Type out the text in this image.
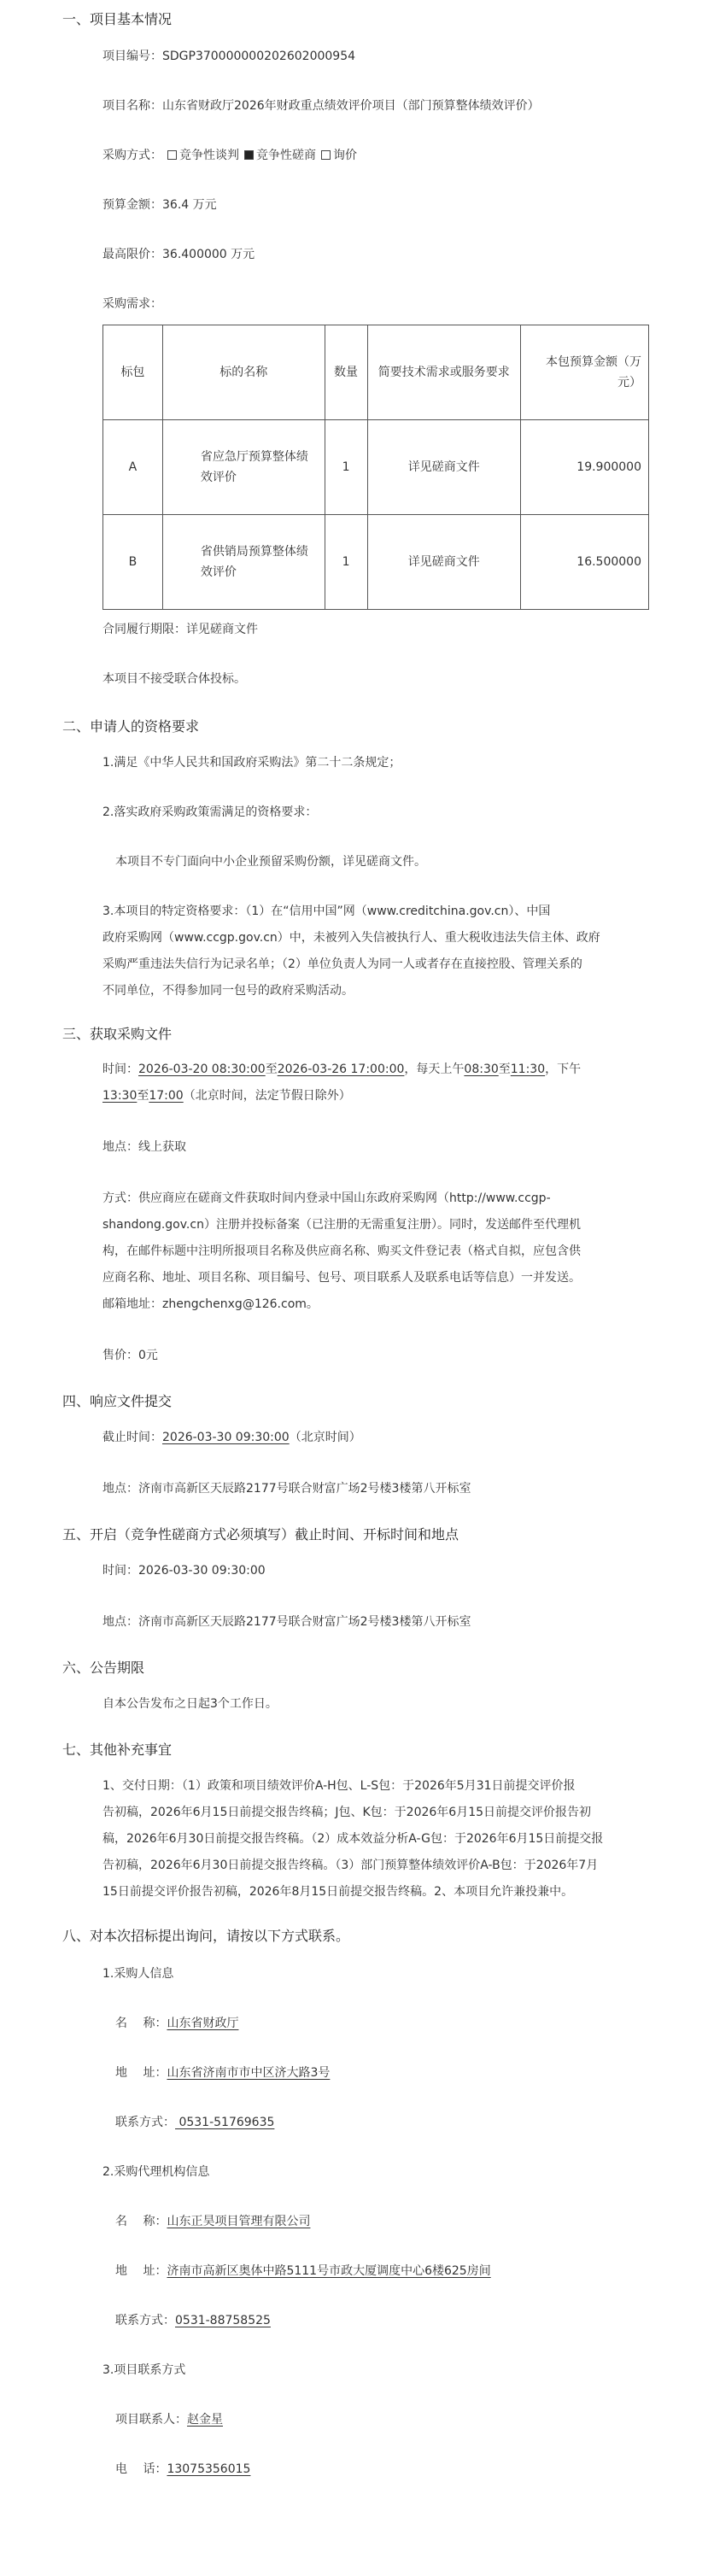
一、项目基本情况
项目编号：SDGP370000000202602000954
项目名称：山东省财政厅2026年财政重点绩效评价项目（部门预算整体绩效评价）
采购方式： 竞争性谈判 竞争性磋商 询价
预算金额：36.4 万元
最高限价：36.400000 万元
采购需求：
标包	标的名称	数量	简要技术需求或服务要求	本包预算金额（万元）
A	省应急厅预算整体绩效评价	1	详见磋商文件	19.900000
B	省供销局预算整体绩效评价	1	详见磋商文件	16.500000
合同履行期限：详见磋商文件
本项目不接受联合体投标。
二、申请人的资格要求
1.满足《中华人民共和国政府采购法》第二十二条规定；
2.落实政府采购政策需满足的资格要求：
本项目不专门面向中小企业预留采购份额，详见磋商文件。
3.本项目的特定资格要求：（1）在“信用中国”网（www.creditchina.gov.cn）、中国
政府采购网（www.ccgp.gov.cn）中，未被列入失信被执行人、重大税收违法失信主体、政府
采购严重违法失信行为记录名单；（2）单位负责人为同一人或者存在直接控股、管理关系的
不同单位，不得参加同一包号的政府采购活动。
三、获取采购文件
时间：2026-03-20 08:30:00至2026-03-26 17:00:00，每天上午08:30至11:30，下午
13:30至17:00（北京时间，法定节假日除外）
地点：线上获取
方式：供应商应在磋商文件获取时间内登录中国山东政府采购网（http://www.ccgp-
shandong.gov.cn）注册并投标备案（已注册的无需重复注册）。同时，发送邮件至代理机
构，在邮件标题中注明所报项目名称及供应商名称、购买文件登记表（格式自拟，应包含供
应商名称、地址、项目名称、项目编号、包号、项目联系人及联系电话等信息）一并发送。
邮箱地址：zhengchenxg@126.com。
售价：0元
四、响应文件提交
截止时间：2026-03-30 09:30:00（北京时间）
地点：济南市高新区天辰路2177号联合财富广场2号楼3楼第八开标室
五、开启（竞争性磋商方式必须填写）截止时间、开标时间和地点
时间：2026-03-30 09:30:00
地点：济南市高新区天辰路2177号联合财富广场2号楼3楼第八开标室
六、公告期限
自本公告发布之日起3个工作日。
七、其他补充事宜
1、交付日期：（1）政策和项目绩效评价A-H包、L-S包：于2026年5月31日前提交评价报
告初稿，2026年6月15日前提交报告终稿；J包、K包：于2026年6月15日前提交评价报告初
稿，2026年6月30日前提交报告终稿。（2）成本效益分析A-G包：于2026年6月15日前提交报
告初稿，2026年6月30日前提交报告终稿。（3）部门预算整体绩效评价A-B包：于2026年7月
15日前提交评价报告初稿，2026年8月15日前提交报告终稿。2、本项目允许兼投兼中。
八、对本次招标提出询问，请按以下方式联系。
1.采购人信息
名　 称：山东省财政厅
地　 址：山东省济南市市中区济大路3号
联系方式： 0531-51769635
2.采购代理机构信息
名　 称：山东正昊项目管理有限公司
地　 址：济南市高新区奥体中路5111号市政大厦调度中心6楼625房间
联系方式：0531-88758525
3.项目联系方式
项目联系人：赵金星
电　 话：13075356015
